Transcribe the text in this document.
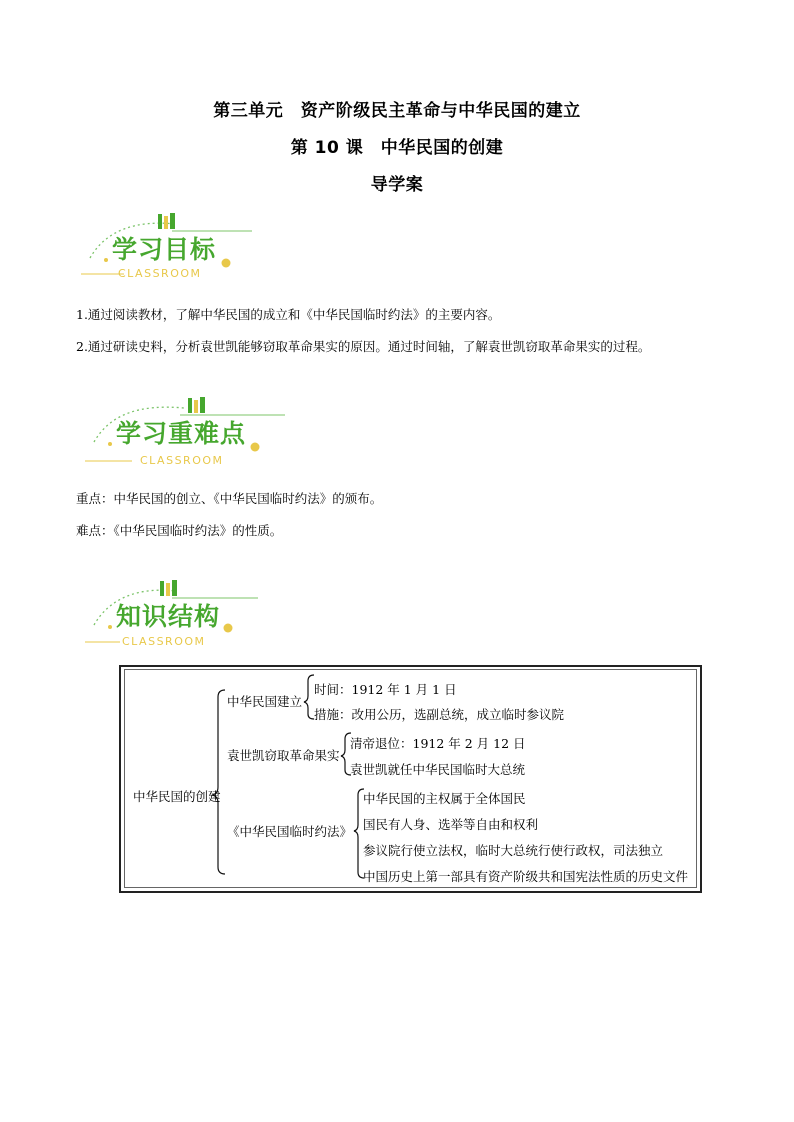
第三单元　资产阶级民主革命与中华民国的建立
第 10 课　中华民国的创建
导学案
学习目标
CLASSROOM
1.通过阅读教材，了解中华民国的成立和《中华民国临时约法》的主要内容。
2.通过研读史料，分析袁世凯能够窃取革命果实的原因。通过时间轴，了解袁世凯窃取革命果实的过程。
学习重难点
CLASSROOM
重点：中华民国的创立、《中华民国临时约法》的颁布。
难点：《中华民国临时约法》的性质。
知识结构
CLASSROOM
中华民国的创建
中华民国建立
时间：1912 年 1 月 1 日
措施：改用公历，选副总统，成立临时参议院
袁世凯窃取革命果实
清帝退位：1912 年 2 月 12 日
袁世凯就任中华民国临时大总统
《中华民国临时约法》
中华民国的主权属于全体国民
国民有人身、选举等自由和权利
参议院行使立法权，临时大总统行使行政权，司法独立
中国历史上第一部具有资产阶级共和国宪法性质的历史文件
